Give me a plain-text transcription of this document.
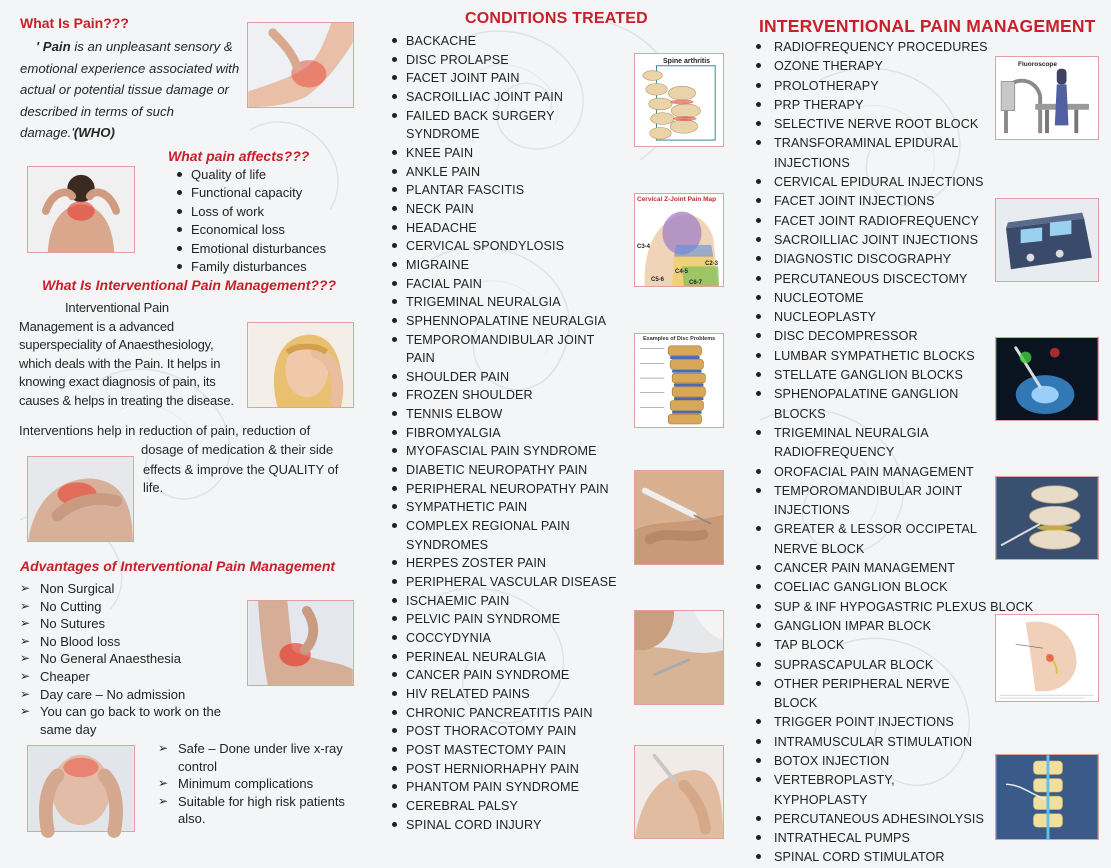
What Is Pain???
' Pain is an unpleasant sensory & emotional experience associated with actual or potential tissue damage or described in terms of such damage.'(WHO)
What pain affects???
Quality of life
Functional capacity
Loss of work
Economical loss
Emotional disturbances
Family disturbances
What Is Interventional Pain Management???
Interventional Pain Management is a advanced superspeciality of Anaesthesiology, which deals with the Pain. It helps in knowing exact diagnosis of pain, its causes & helps in treating the disease.
Interventions help in reduction of pain, reduction of
dosage of medication & their side
effects & improve the QUALITY of
life.
Advantages of Interventional Pain Management
➢ Non Surgical
➢ No Cutting
➢ No Sutures
➢ No Blood loss
➢ No General Anaesthesia
➢ Cheaper
➢ Day care – No admission
➢ You can go back to work on the same day
➢ Safe – Done under live x-ray control
➢ Minimum complications
➢ Suitable for high risk patients also.
CONDITIONS TREATED
BACKACHE
DISC PROLAPSE
FACET JOINT PAIN
SACROILLIAC JOINT PAIN
FAILED BACK SURGERY SYNDROME
KNEE PAIN
ANKLE PAIN
PLANTAR FASCITIS
NECK PAIN
HEADACHE
CERVICAL SPONDYLOSIS
MIGRAINE
FACIAL PAIN
TRIGEMINAL NEURALGIA
SPHENNOPALATINE NEURALGIA
TEMPOROMANDIBULAR JOINT PAIN
SHOULDER PAIN
FROZEN SHOULDER
TENNIS ELBOW
FIBROMYALGIA
MYOFASCIAL PAIN SYNDROME
DIABETIC NEUROPATHY PAIN
PERIPHERAL NEUROPATHY PAIN
SYMPATHETIC PAIN
COMPLEX REGIONAL PAIN SYNDROMES
HERPES ZOSTER PAIN
PERIPHERAL VASCULAR DISEASE
ISCHAEMIC PAIN
PELVIC PAIN SYNDROME
COCCYDYNIA
PERINEAL NEURALGIA
CANCER PAIN SYNDROME
HIV RELATED PAINS
CHRONIC PANCREATITIS PAIN
POST THORACOTOMY PAIN
POST MASTECTOMY PAIN
POST HERNIORHAPHY PAIN
PHANTOM PAIN SYNDROME
CEREBRAL PALSY
SPINAL CORD INJURY
Spine arthritis
Cervical Z-Joint Pain Map
C3-4
C2-3
C4-5
C5-6	C6-7
Examples of Disc Problems
INTERVENTIONAL PAIN MANAGEMENT
RADIOFREQUENCY PROCEDURES
OZONE THERAPY
PROLOTHERAPY
PRP THERAPY
SELECTIVE NERVE ROOT BLOCK
TRANSFORAMINAL EPIDURAL INJECTIONS
CERVICAL EPIDURAL INJECTIONS
FACET JOINT INJECTIONS
FACET JOINT RADIOFREQUENCY
SACROILLIAC JOINT INJECTIONS
DIAGNOSTIC DISCOGRAPHY
PERCUTANEOUS DISCECTOMY
NUCLEOTOME
NUCLEOPLASTY
DISC DECOMPRESSOR
LUMBAR SYMPATHETIC BLOCKS
STELLATE GANGLION BLOCKS
SPHENOPALATINE GANGLION BLOCKS
TRIGEMINAL NEURALGIA RADIOFREQUENCY
OROFACIAL PAIN MANAGEMENT
TEMPOROMANDIBULAR JOINT INJECTIONS
GREATER & LESSOR OCCIPETAL NERVE BLOCK
CANCER PAIN MANAGEMENT
COELIAC GANGLION BLOCK
SUP & INF HYPOGASTRIC PLEXUS BLOCK
GANGLION IMPAR BLOCK
TAP BLOCK
SUPRASCAPULAR BLOCK
OTHER PERIPHERAL NERVE BLOCK
TRIGGER POINT INJECTIONS
INTRAMUSCULAR STIMULATION
BOTOX INJECTION
VERTEBROPLASTY, KYPHOPLASTY
PERCUTANEOUS ADHESINOLYSIS
INTRATHECAL PUMPS
SPINAL CORD STIMULATOR
Fluoroscope
